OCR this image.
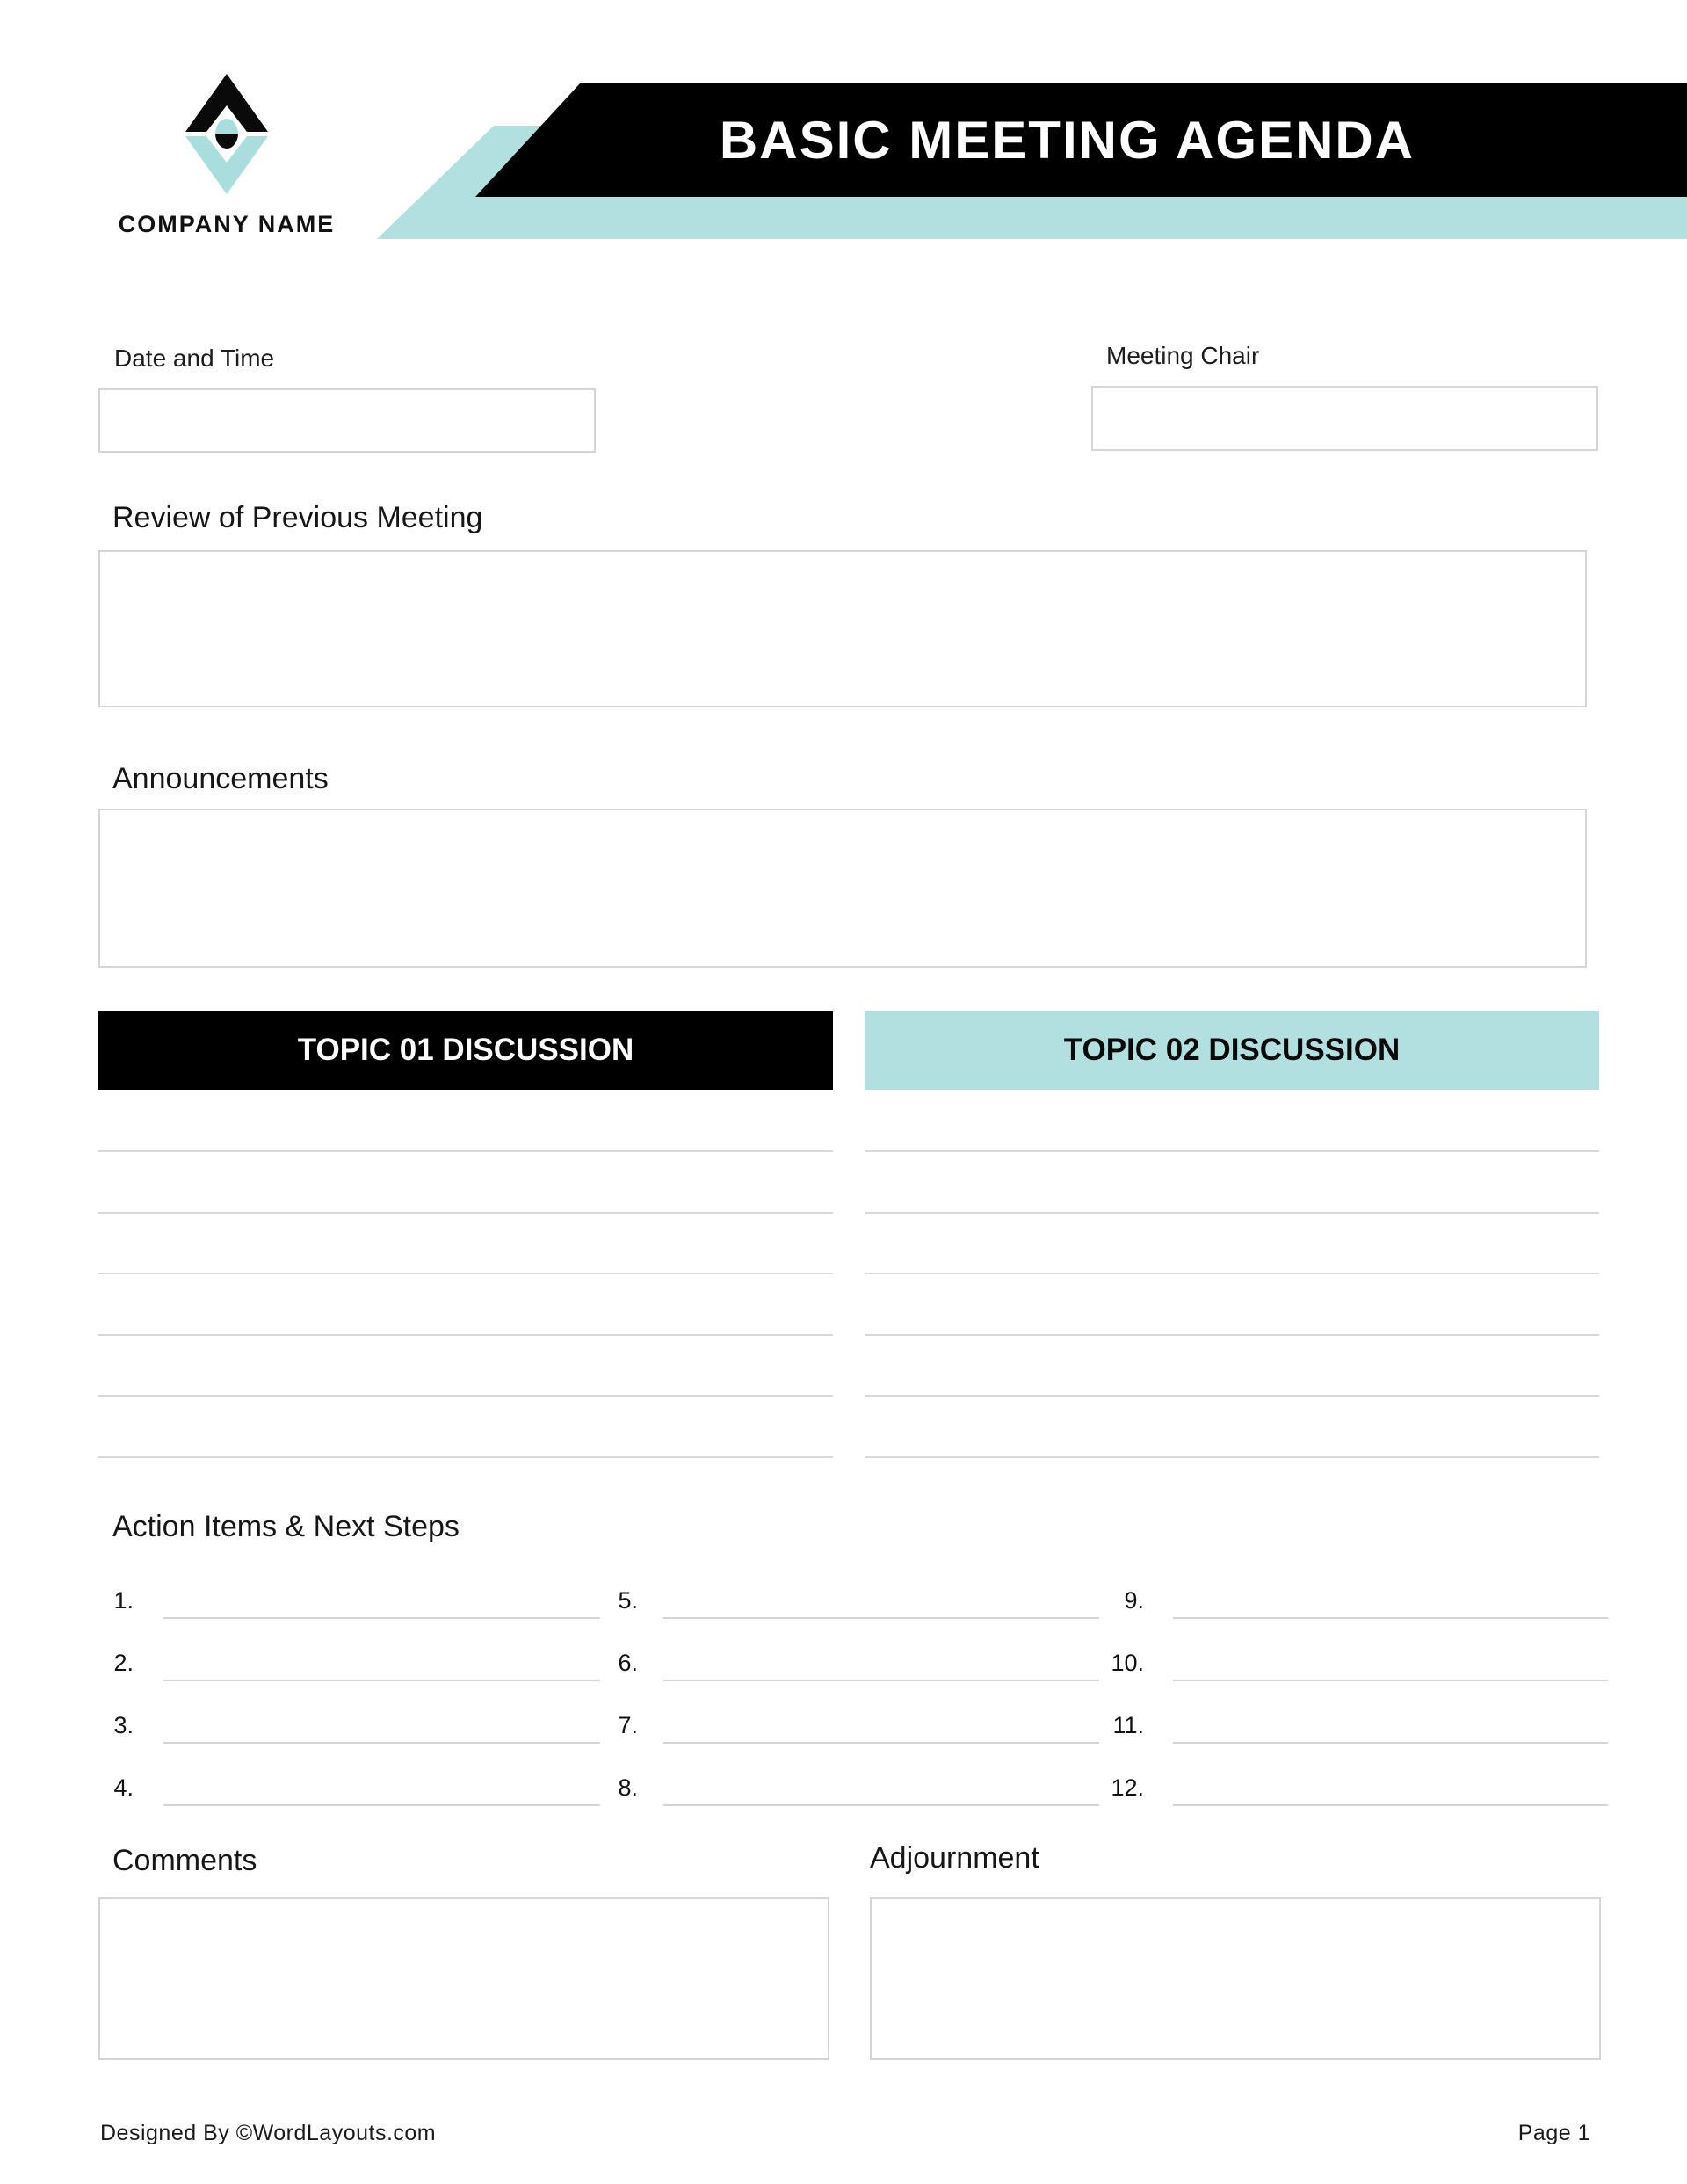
BASIC MEETING AGENDA
COMPANY NAME
Date and Time	Meeting Chair
Review of Previous Meeting
Announcements
TOPIC 01 DISCUSSION	TOPIC 02 DISCUSSION
Action Items & Next Steps
1.
2.
3.
4.
5.
6.
7.
8.
9.
10.
11.
12.
Comments	Adjournment
Designed By ©WordLayouts.com	Page 1
